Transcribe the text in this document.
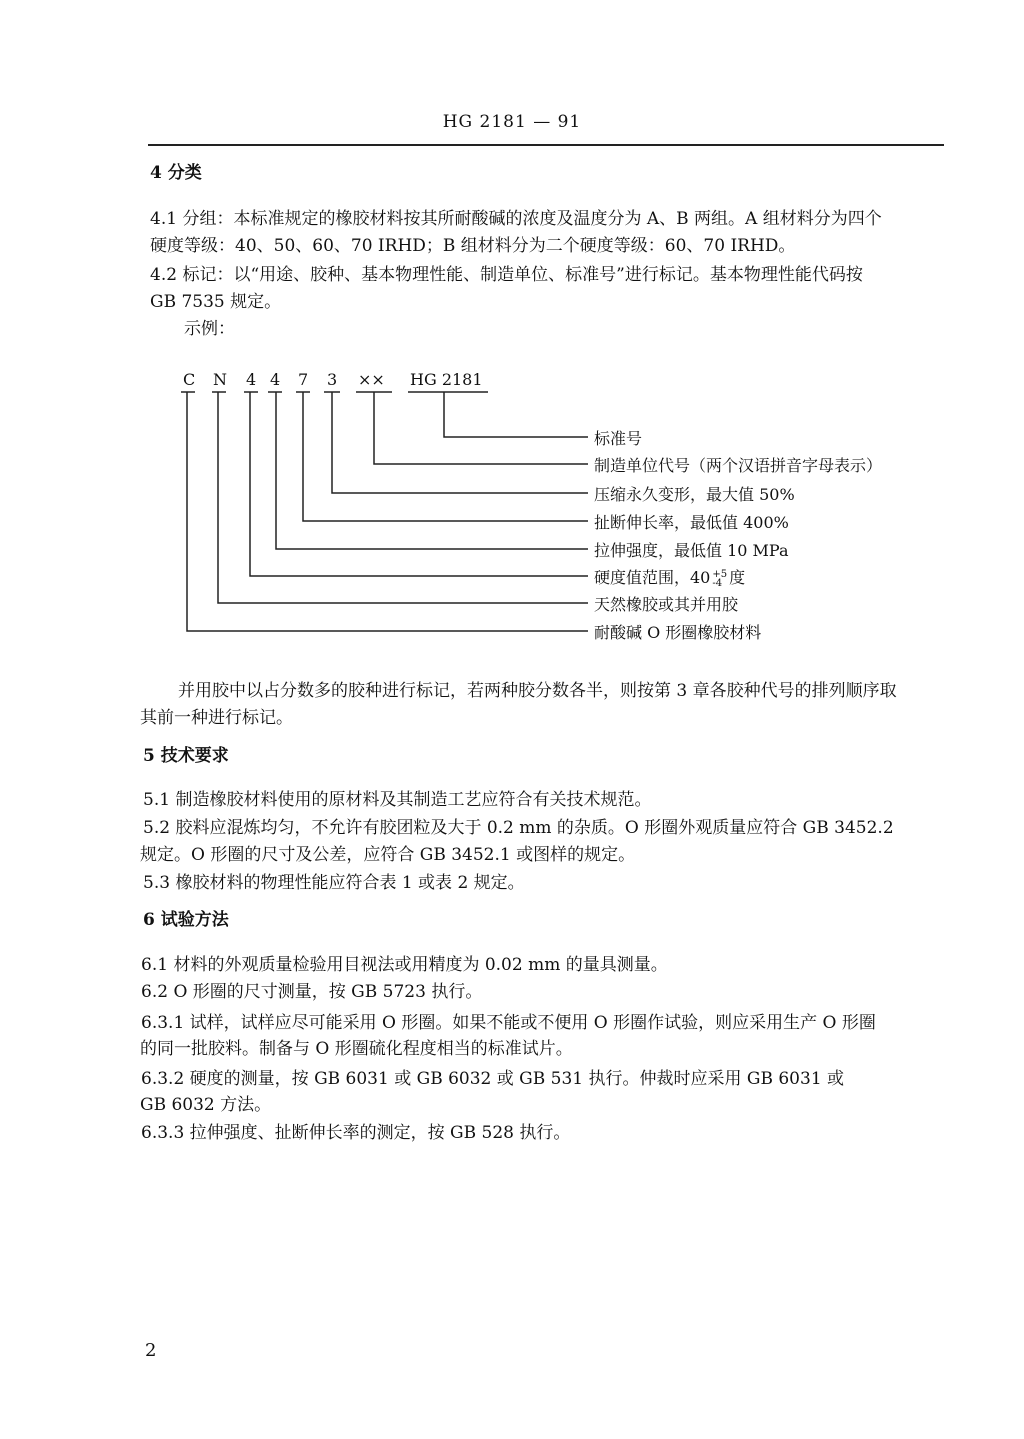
HG 2181 — 91
4 分类
4.1 分组：本标准规定的橡胶材料按其所耐酸碱的浓度及温度分为 A、B 两组。A 组材料分为四个
硬度等级：40、50、60、70 IRHD；B 组材料分为二个硬度等级：60、70 IRHD。
4.2 标记：以“用途、胶种、基本物理性能、制造单位、标准号”进行标记。基本物理性能代码按
GB 7535 规定。
示例：
C N 4 4 7 3 ×× HG 2181
标准号
制造单位代号（两个汉语拼音字母表示）
压缩永久变形，最大值 50%
扯断伸长率，最低值 400%
拉伸强度，最低值 10 MPa
硬度值范围，40 +5
-4 度
天然橡胶或其并用胶
耐酸碱 O 形圈橡胶材料
并用胶中以占分数多的胶种进行标记，若两种胶分数各半，则按第 3 章各胶种代号的排列顺序取
其前一种进行标记。
5 技术要求
5.1 制造橡胶材料使用的原材料及其制造工艺应符合有关技术规范。
5.2 胶料应混炼均匀，不允许有胶团粒及大于 0.2 mm 的杂质。O 形圈外观质量应符合 GB 3452.2
规定。O 形圈的尺寸及公差，应符合 GB 3452.1 或图样的规定。
5.3 橡胶材料的物理性能应符合表 1 或表 2 规定。
6 试验方法
6.1 材料的外观质量检验用目视法或用精度为 0.02 mm 的量具测量。
6.2 O 形圈的尺寸测量，按 GB 5723 执行。
6.3.1 试样，试样应尽可能采用 O 形圈。如果不能或不便用 O 形圈作试验，则应采用生产 O 形圈
的同一批胶料。制备与 O 形圈硫化程度相当的标准试片。
6.3.2 硬度的测量，按 GB 6031 或 GB 6032 或 GB 531 执行。仲裁时应采用 GB 6031 或
GB 6032 方法。
6.3.3 拉伸强度、扯断伸长率的测定，按 GB 528 执行。
2
